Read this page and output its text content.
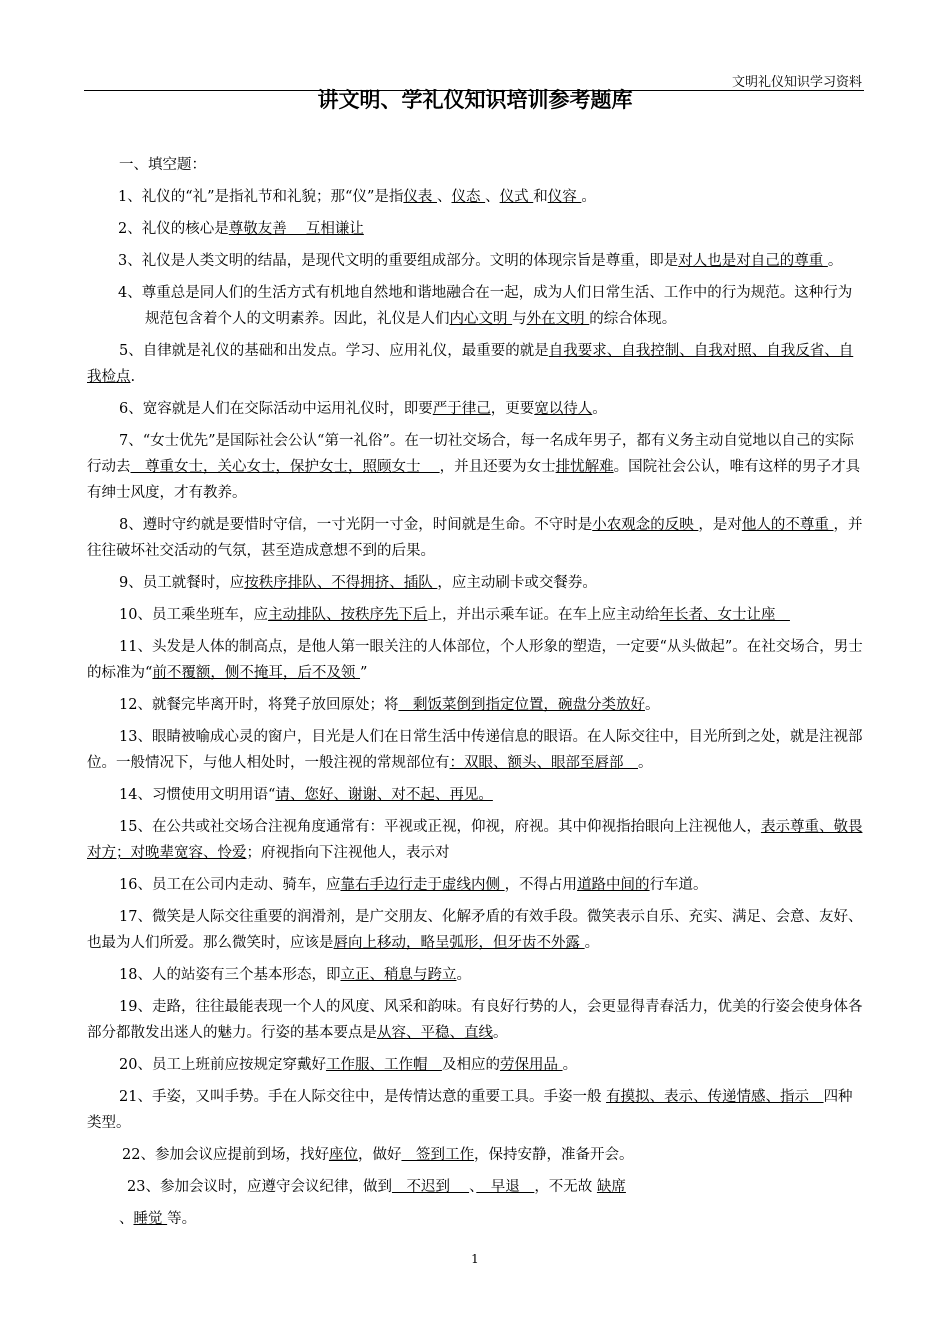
文明礼仪知识学习资料
讲文明、学礼仪知识培训参考题库

一、填空题：

1、礼仪的“礼”是指礼节和礼貌；那“仪”是指仪表 、仪态 、仪式 和仪容 。

2、礼仪的核心是尊敬友善　 互相谦让

3、礼仪是人类文明的结晶，是现代文明的重要组成部分。文明的体现宗旨是尊重，即是对人也是对自己的尊重 。

4、尊重总是同人们的生活方式有机地自然地和谐地融合在一起，成为人们日常生活、工作中的行为规范。这种行为规范包含着个人的文明素养。因此，礼仪是人们内心文明 与外在文明 的综合体现。

5、自律就是礼仪的基础和出发点。学习、应用礼仪，最重要的就是自我要求、自我控制、自我对照、自我反省、自我检点.

6、宽容就是人们在交际活动中运用礼仪时，即要严于律己，更要宽以待人。

7、“女士优先”是国际社会公认“第一礼俗”。在一切社交场合，每一名成年男子，都有义务主动自觉地以自己的实际行动去　尊重女士，关心女士，保护女士，照顾女士　 ，并且还要为女士排忧解难。国院社会公认，唯有这样的男子才具有绅士风度，才有教养。

8、遵时守约就是要惜时守信，一寸光阴一寸金，时间就是生命。不守时是小农观念的反映 ，是对他人的不尊重 ，并往往破坏社交活动的气氛，甚至造成意想不到的后果。

9、员工就餐时，应按秩序排队、不得拥挤、插队 ，应主动刷卡或交餐券。

10、员工乘坐班车，应主动排队、按秩序先下后上，并出示乘车证。在车上应主动给年长者、女士让座　

11、头发是人体的制高点，是他人第一眼关注的人体部位，个人形象的塑造，一定要“从头做起”。在社交场合，男士的标准为“前不覆额，侧不掩耳，后不及领 ”

12、就餐完毕离开时，将凳子放回原处；将　剩饭菜倒到指定位置，碗盘分类放好。

13、眼睛被喻成心灵的窗户，目光是人们在日常生活中传递信息的眼语。在人际交往中，目光所到之处，就是注视部位。一般情况下，与他人相处时，一般注视的常规部位有：双眼、额头、眼部至唇部　。

14、习惯使用文明用语“请、您好、谢谢、对不起、再见。

15、在公共或社交场合注视角度通常有：平视或正视，仰视，府视。其中仰视指抬眼向上注视他人，表示尊重、敬畏对方；对晚辈宽容、怜爱；府视指向下注视他人，表示对

16、员工在公司内走动、骑车，应靠右手边行走于虚线内侧 ，不得占用道路中间的行车道。

17、微笑是人际交往重要的润滑剂，是广交朋友、化解矛盾的有效手段。微笑表示自乐、充实、满足、会意、友好、也最为人们所爱。那么微笑时，应该是唇向上移动，略呈弧形，但牙齿不外露 。

18、人的站姿有三个基本形态，即立正、稍息与跨立。

19、走路，往往最能表现一个人的风度、风采和韵味。有良好行势的人，会更显得青春活力，优美的行姿会使身体各部分都散发出迷人的魅力。行姿的基本要点是从容、平稳、直线。

20、员工上班前应按规定穿戴好工作服、工作帽　及相应的劳保用品 。

21、手姿，又叫手势。手在人际交往中，是传情达意的重要工具。手姿一般 有摸拟、表示、传递情感、指示　四种类型。

22、参加会议应提前到场，找好座位，做好　签到工作，保持安静，准备开会。

23、参加会议时，应遵守会议纪律，做到　不迟到　 、　早退　，不无故 缺席

、睡觉 等。

1
